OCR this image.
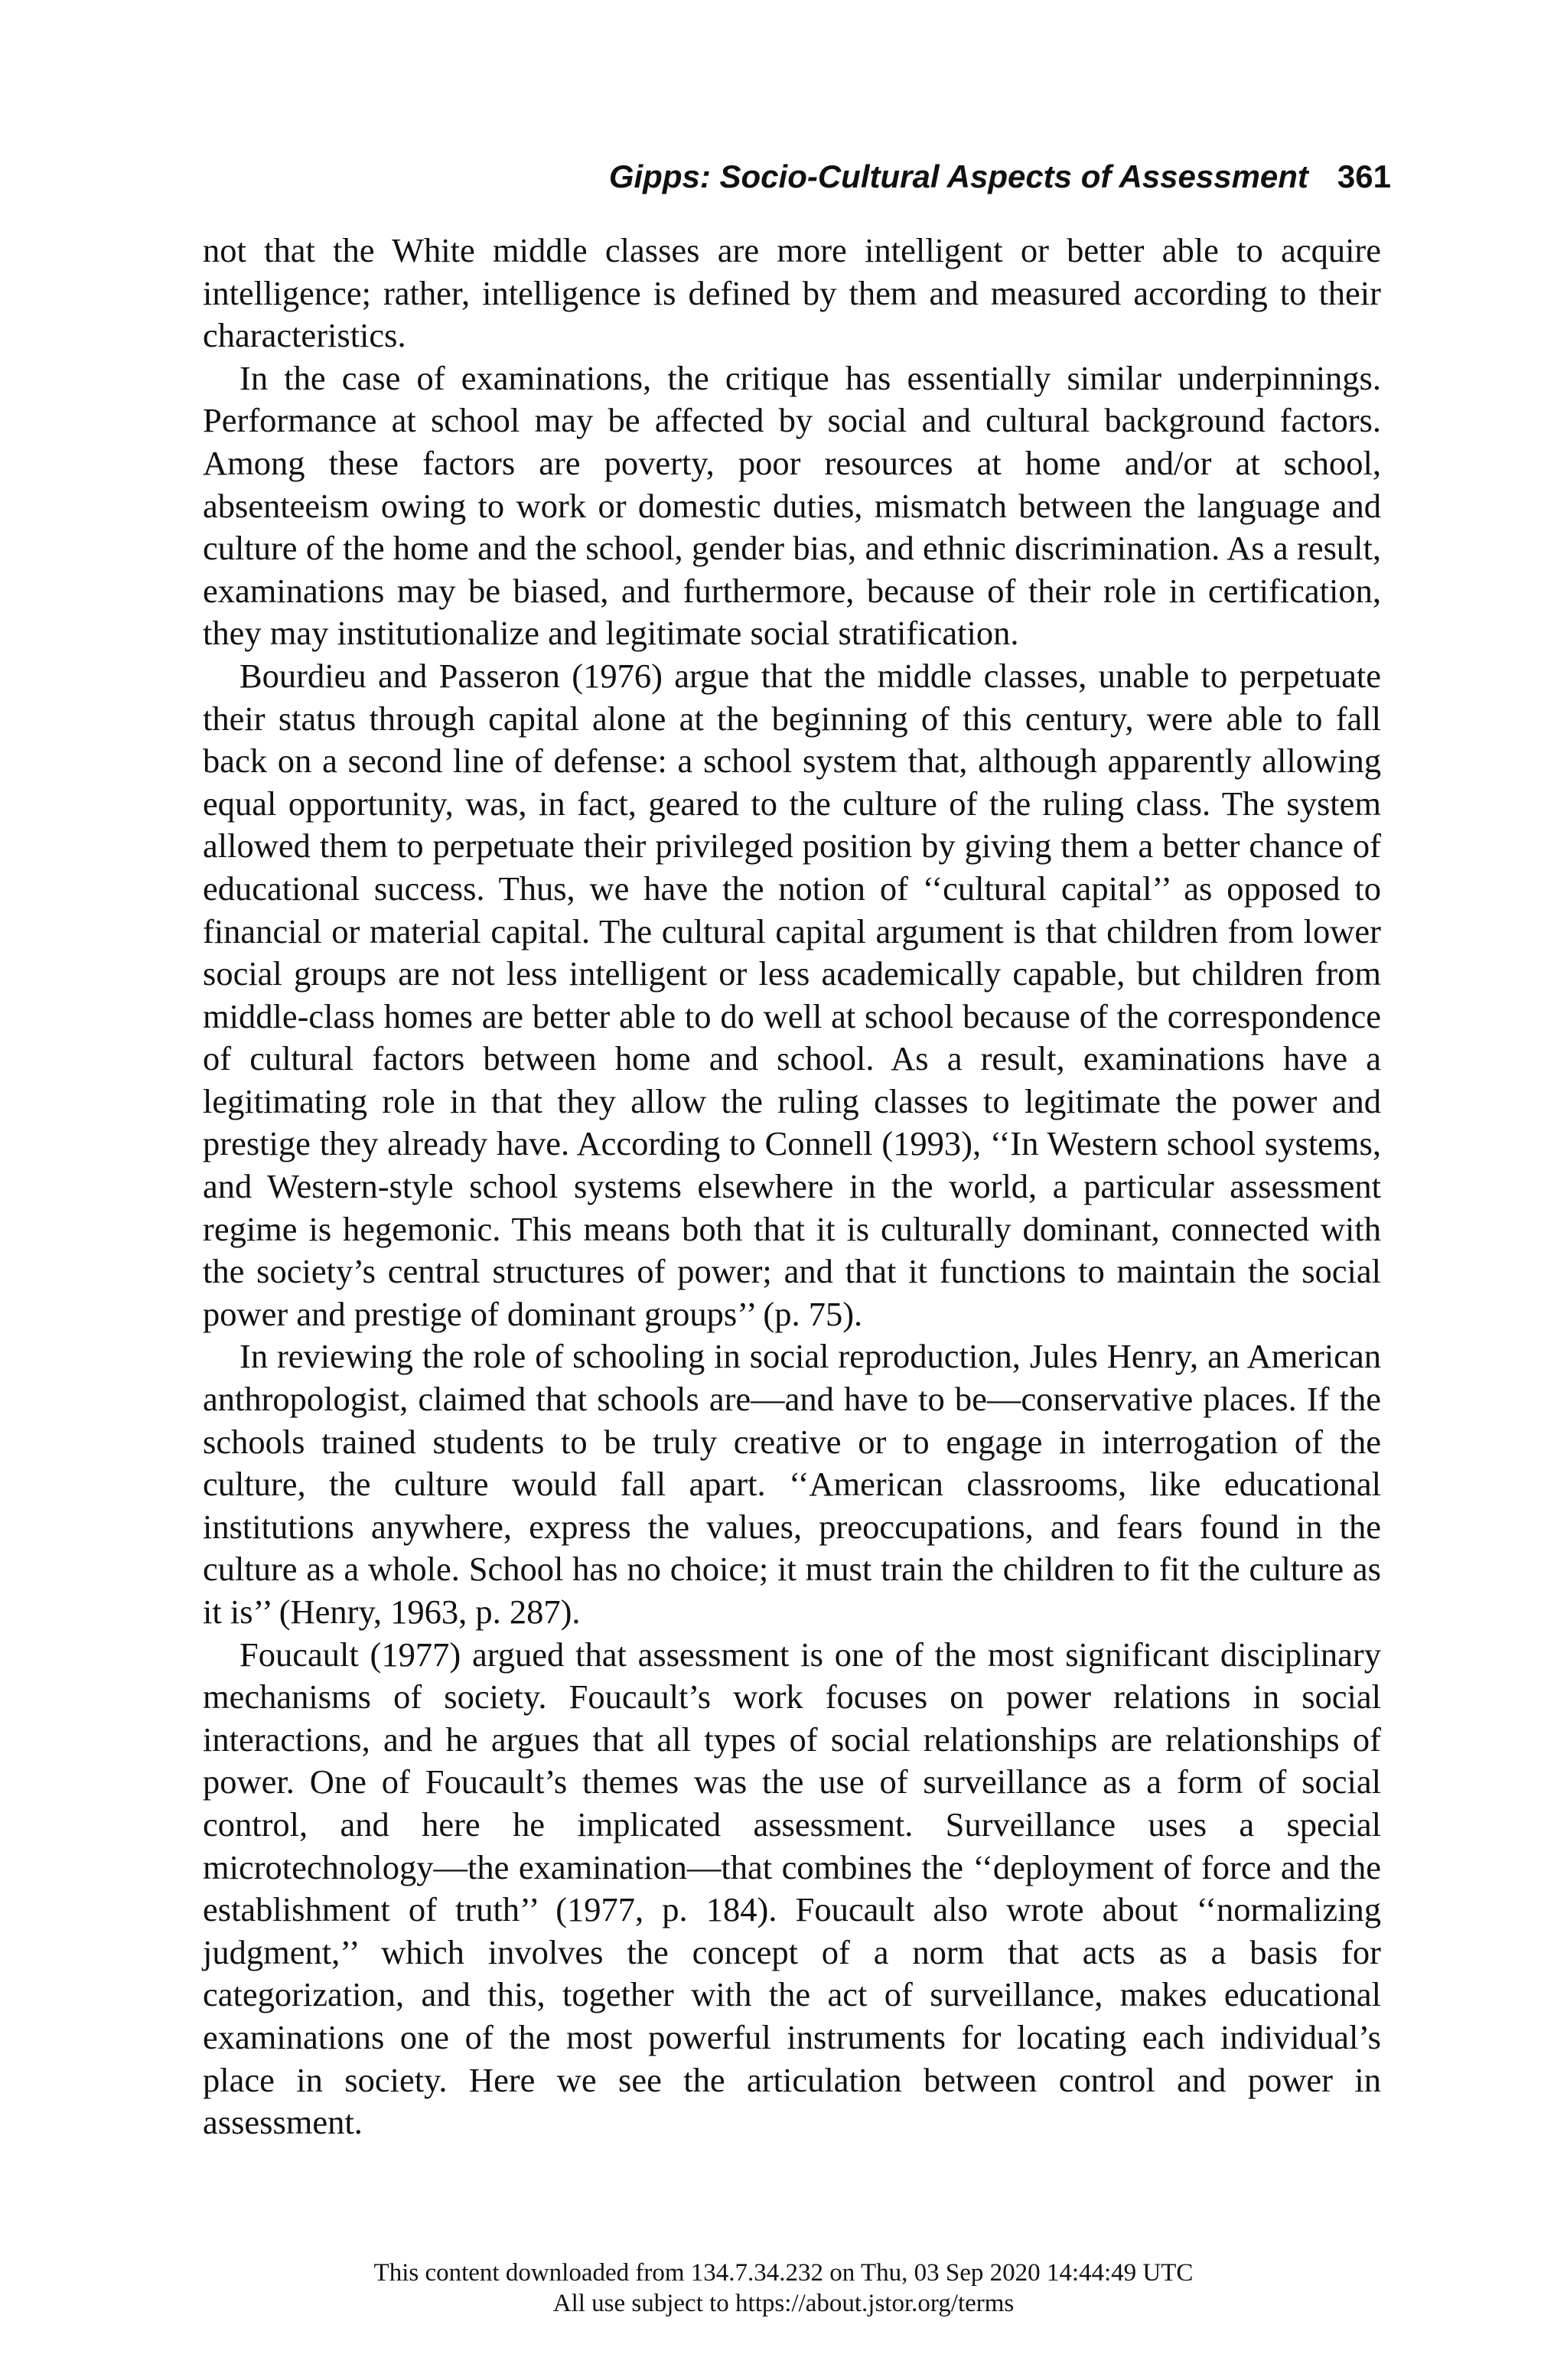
Gipps: Socio-Cultural Aspects of Assessment 361

not that the White middle classes are more intelligent or better able to acquire intelligence; rather, intelligence is defined by them and measured according to their characteristics.

In the case of examinations, the critique has essentially similar underpinnings. Performance at school may be affected by social and cultural background factors. Among these factors are poverty, poor resources at home and/or at school, absenteeism owing to work or domestic duties, mismatch between the language and culture of the home and the school, gender bias, and ethnic discrimination. As a result, examinations may be biased, and furthermore, because of their role in certification, they may institutionalize and legitimate social stratification.

Bourdieu and Passeron (1976) argue that the middle classes, unable to perpetuate their status through capital alone at the beginning of this century, were able to fall back on a second line of defense: a school system that, although apparently allowing equal opportunity, was, in fact, geared to the culture of the ruling class. The system allowed them to perpetuate their privileged position by giving them a better chance of educational success. Thus, we have the notion of ‘‘cultural capital’’ as opposed to financial or material capital. The cultural capital argument is that children from lower social groups are not less intelligent or less academically capable, but children from middle-class homes are better able to do well at school because of the correspondence of cultural factors between home and school. As a result, examinations have a legitimating role in that they allow the ruling classes to legitimate the power and prestige they already have. According to Connell (1993), ‘‘In Western school systems, and Western-style school systems elsewhere in the world, a particular assessment regime is hegemonic. This means both that it is culturally dominant, connected with the society’s central structures of power; and that it functions to maintain the social power and prestige of dominant groups’’ (p. 75).

In reviewing the role of schooling in social reproduction, Jules Henry, an American anthropologist, claimed that schools are—and have to be—conservative places. If the schools trained students to be truly creative or to engage in interrogation of the culture, the culture would fall apart. ‘‘American classrooms, like educational institutions anywhere, express the values, preoccupations, and fears found in the culture as a whole. School has no choice; it must train the children to fit the culture as it is’’ (Henry, 1963, p. 287).

Foucault (1977) argued that assessment is one of the most significant disciplinary mechanisms of society. Foucault’s work focuses on power relations in social interactions, and he argues that all types of social relationships are relationships of power. One of Foucault’s themes was the use of surveillance as a form of social control, and here he implicated assessment. Surveillance uses a special microtechnology—the examination—that combines the ‘‘deployment of force and the establishment of truth’’ (1977, p. 184). Foucault also wrote about ‘‘normalizing judgment,’’ which involves the concept of a norm that acts as a basis for categorization, and this, together with the act of surveillance, makes educational examinations one of the most powerful instruments for locating each individual’s place in society. Here we see the articulation between control and power in assessment.

This content downloaded from 134.7.34.232 on Thu, 03 Sep 2020 14:44:49 UTC
All use subject to https://about.jstor.org/terms
